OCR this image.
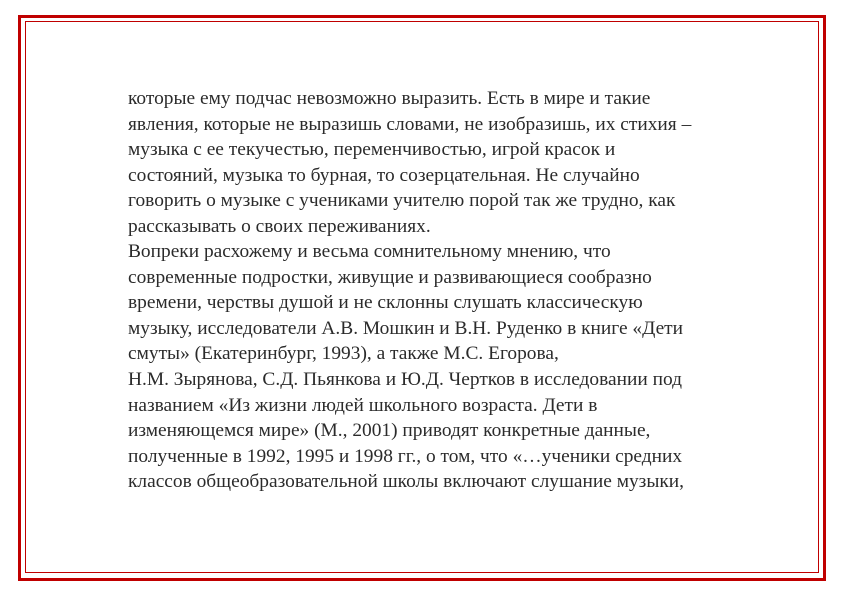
которые ему подчас невозможно выразить. Есть в мире и такие
явления, которые не выразишь словами, не изобразишь, их стихия –
музыка с ее текучестью, переменчивостью, игрой красок и
состояний, музыка то бурная, то созерцательная. Не случайно
говорить о музыке с учениками учителю порой так же трудно, как
рассказывать о своих переживаниях.
Вопреки расхожему и весьма сомнительному мнению, что
современные подростки, живущие и развивающиеся сообразно
времени, черствы душой и не склонны слушать классическую
музыку, исследователи А.В. Мошкин и В.Н. Руденко в книге «Дети
смуты» (Екатеринбург, 1993), а также М.С. Егорова,
Н.М. Зырянова, С.Д. Пьянкова и Ю.Д. Чертков в исследовании под
названием «Из жизни людей школьного возраста. Дети в
изменяющемся мире» (М., 2001) приводят конкретные данные,
полученные в 1992, 1995 и 1998 гг., о том, что «…ученики средних
классов общеобразовательной школы включают слушание музыки,
